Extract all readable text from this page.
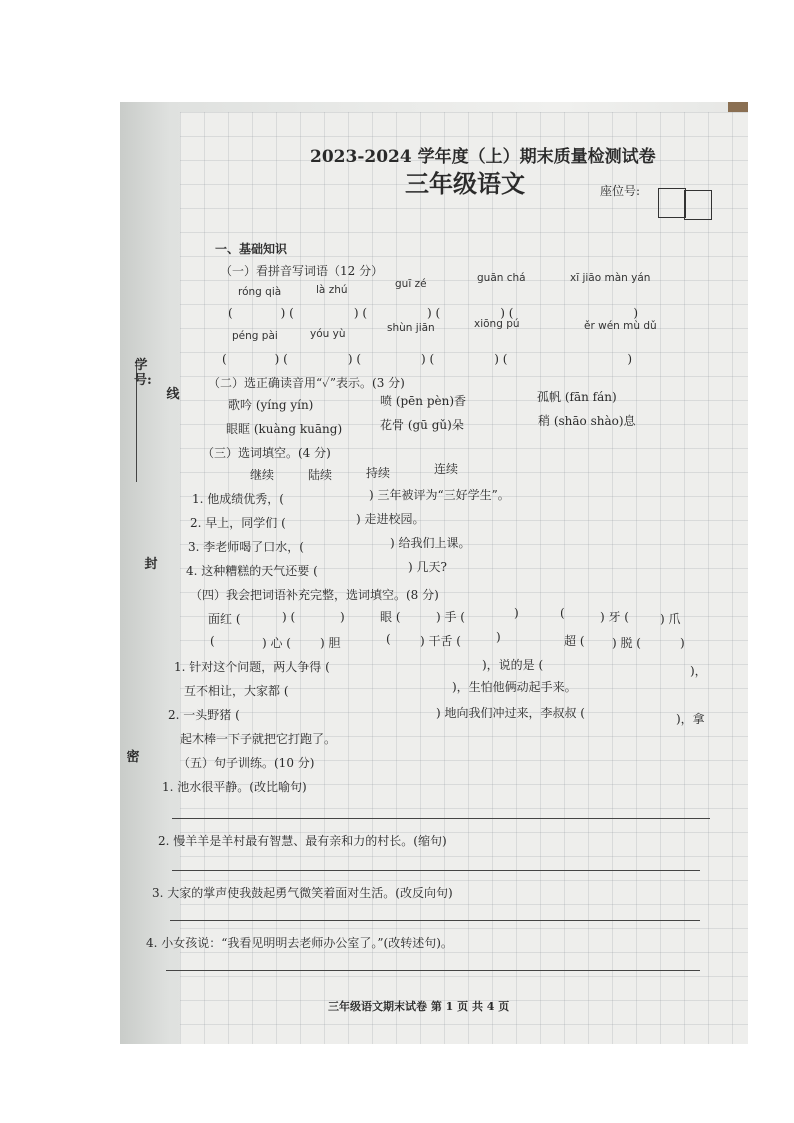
学号:
线
封
密
2023-2024 学年度（上）期末质量检测试卷
三年级语文	座位号:
一、基础知识
（一）看拼音写词语（12 分）
róng qià	là zhú	guī zé	guān chá	xī jiāo màn yán
(　　　　) (　　　　　) (　　　　　) (　　　　　) (　　　　　　　　　　)
péng pài	yóu yù	shùn jiān	xiōng pú	ěr wén mù dǔ
(　　　　) (　　　　　) (　　　　　) (　　　　　) (　　　　　　　　　　)
（二）选正确读音用“✓”表示。(3 分)
歌吟 (yíng yín)	喷 (pēn pèn)香	孤帆 (fān fán)
眼眶 (kuàng kuāng)	花骨 (gū gǔ)朵	稍 (shāo shào)息
（三）选词填空。(4 分)
继续	陆续	持续	连续
1. 他成绩优秀，(	) 三年被评为“三好学生”。
2. 早上，同学们 (	) 走进校园。
3. 李老师喝了口水，(	) 给我们上课。
4. 这种糟糕的天气还要 (	) 几天?
（四）我会把词语补充完整，选词填空。(8 分)
面红 (	) (	)	眼 (	) 手 (	)	(	) 牙 (	) 爪
(	) 心 ( ) 胆	( ) 干舌 (	)	超 ( ) 脱 (	)
1. 针对这个问题，两人争得 (	)，说的是 (	)，
互不相让，大家都 (	)，生怕他俩动起手来。
2. 一头野猪 (	) 地向我们冲过来，李叔叔 (	)，拿
起木棒一下子就把它打跑了。
（五）句子训练。(10 分)
1. 池水很平静。(改比喻句)
2. 慢羊羊是羊村最有智慧、最有亲和力的村长。(缩句)
3. 大家的掌声使我鼓起勇气微笑着面对生活。(改反向句)
4. 小女孩说：“我看见明明去老师办公室了。”(改转述句)。
三年级语文期末试卷 第 1 页 共 4 页
